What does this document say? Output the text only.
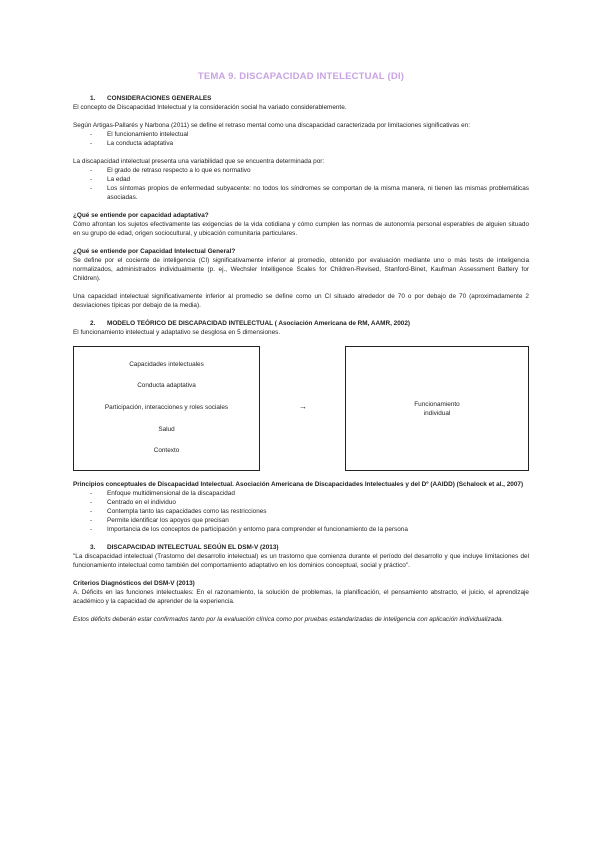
TEMA 9. DISCAPACIDAD INTELECTUAL (DI)

1. CONSIDERACIONES GENERALES

El concepto de Discapacidad Intelectual y la consideración social ha variado considerablemente.

Según Artigas-Pallarés y Narbona (2011) se define el retraso mental como una discapacidad caracterizada por limitaciones significativas en:

- El funcionamiento intelectual
- La conducta adaptativa

La discapacidad intelectual presenta una variabilidad que se encuentra determinada por:

- El grado de retraso respecto a lo que es normativo
- La edad
- Los síntomas propios de enfermedad subyacente: no todos los síndromes se comportan de la misma manera, ni tienen las mismas problemáticas asociadas.

¿Qué se entiende por capacidad adaptativa?

Cómo afrontan los sujetos efectivamente las exigencias de la vida cotidiana y cómo cumplen las normas de autonomía personal esperables de alguien situado en su grupo de edad, origen sociocultural, y ubicación comunitaria particulares.

¿Qué se entiende por Capacidad Intelectual General?

Se define por el cociente de inteligencia (CI) significativamente inferior al promedio, obtenido por evaluación mediante uno o más tests de inteligencia normalizados, administrados individualmente (p. ej., Wechsler Intelligence Scales for Children-Revised, Stanford-Binet, Kaufman Assessment Battery for Children).

Una capacidad intelectual significativamente inferior al promedio se define como un CI situado alrededor de 70 o por debajo de 70 (aproximadamente 2 desviaciones típicas por debajo de la media).

2. MODELO TEÓRICO DE DISCAPACIDAD INTELECTUAL ( Asociación Americana de RM, AAMR, 2002)

El funcionamiento intelectual y adaptativo se desglosa en 5 dimensiones.

Capacidades intelectuales
Conducta adaptativa
Participación, interacciones y roles sociales
Salud
Contexto
→	Funcionamiento individual

Principios conceptuales de Discapacidad Intelectual. Asociación Americana de Discapacidades Intelectuales y del Dº (AAIDD) (Schalock et al., 2007)

- Enfoque multidimensional de la discapacidad
- Centrado en el individuo
- Contempla tanto las capacidades como las restricciones
- Permite identificar los apoyos que precisan
- Importancia de los conceptos de participación y entorno para comprender el funcionamiento de la persona

3. DISCAPACIDAD INTELECTUAL SEGÚN EL DSM-V (2013)

"La discapacidad intelectual (Trastorno del desarrollo intelectual) es un trastorno que comienza durante el período del desarrollo y que incluye limitaciones del funcionamiento intelectual como también del comportamiento adaptativo en los dominios conceptual, social y práctico".

Criterios Diagnósticos del DSM-V (2013)

A. Déficits en las funciones intelectuales: En el razonamiento, la solución de problemas, la planificación, el pensamiento abstracto, el juicio, el aprendizaje académico y la capacidad de aprender de la experiencia.

Estos déficits deberán estar confirmados tanto por la evaluación clínica como por pruebas estandarizadas de inteligencia con aplicación individualizada.
